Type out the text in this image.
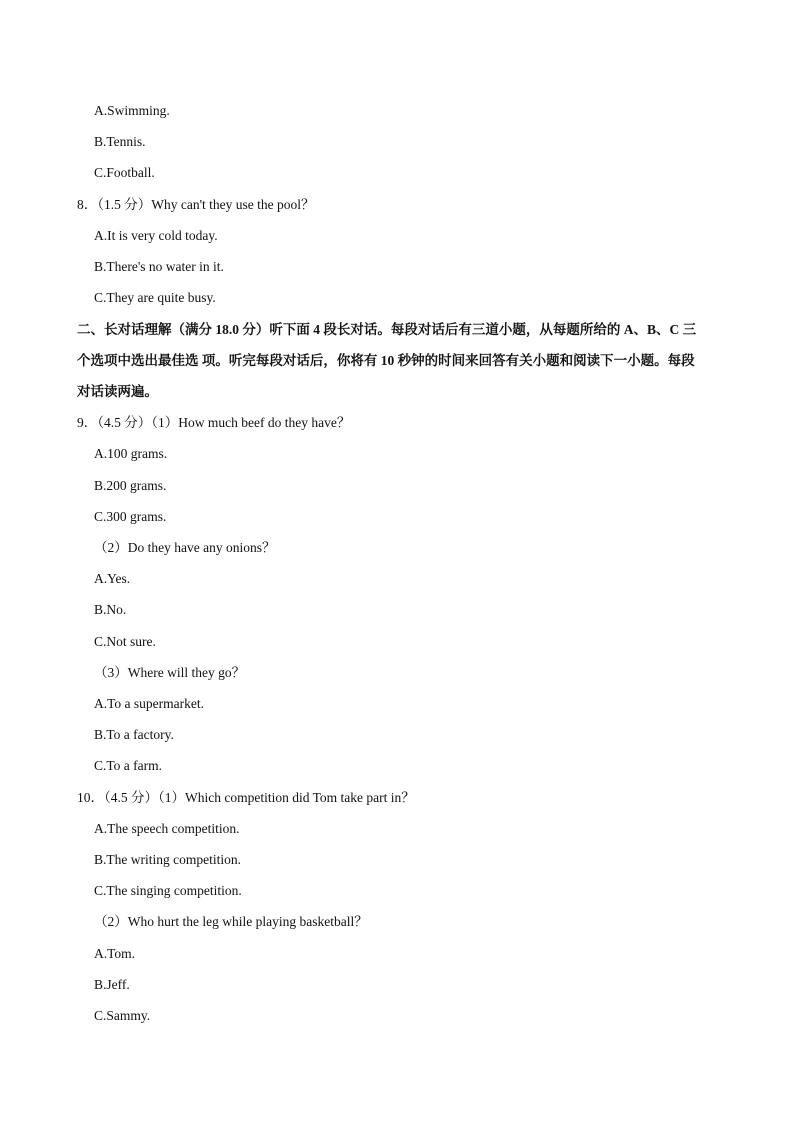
A.Swimming.
B.Tennis.
C.Football.
8．（1.5 分）Why can't they use the pool？
A.It is very cold today.
B.There's no water in it.
C.They are quite busy.
二、长对话理解（满分 18.0 分）听下面 4 段长对话。每段对话后有三道小题，从每题所给的 A、B、C 三
个选项中选出最佳选 项。听完每段对话后，你将有 10 秒钟的时间来回答有关小题和阅读下一小题。每段
对话读两遍。
9．（4.5 分）（1）How much beef do they have？
A.100 grams.
B.200 grams.
C.300 grams.
（2）Do they have any onions？
A.Yes.
B.No.
C.Not sure.
（3）Where will they go？
A.To a supermarket.
B.To a factory.
C.To a farm.
10．（4.5 分）（1）Which competition did Tom take part in？
A.The speech competition.
B.The writing competition.
C.The singing competition.
（2）Who hurt the leg while playing basketball？
A.Tom.
B.Jeff.
C.Sammy.
